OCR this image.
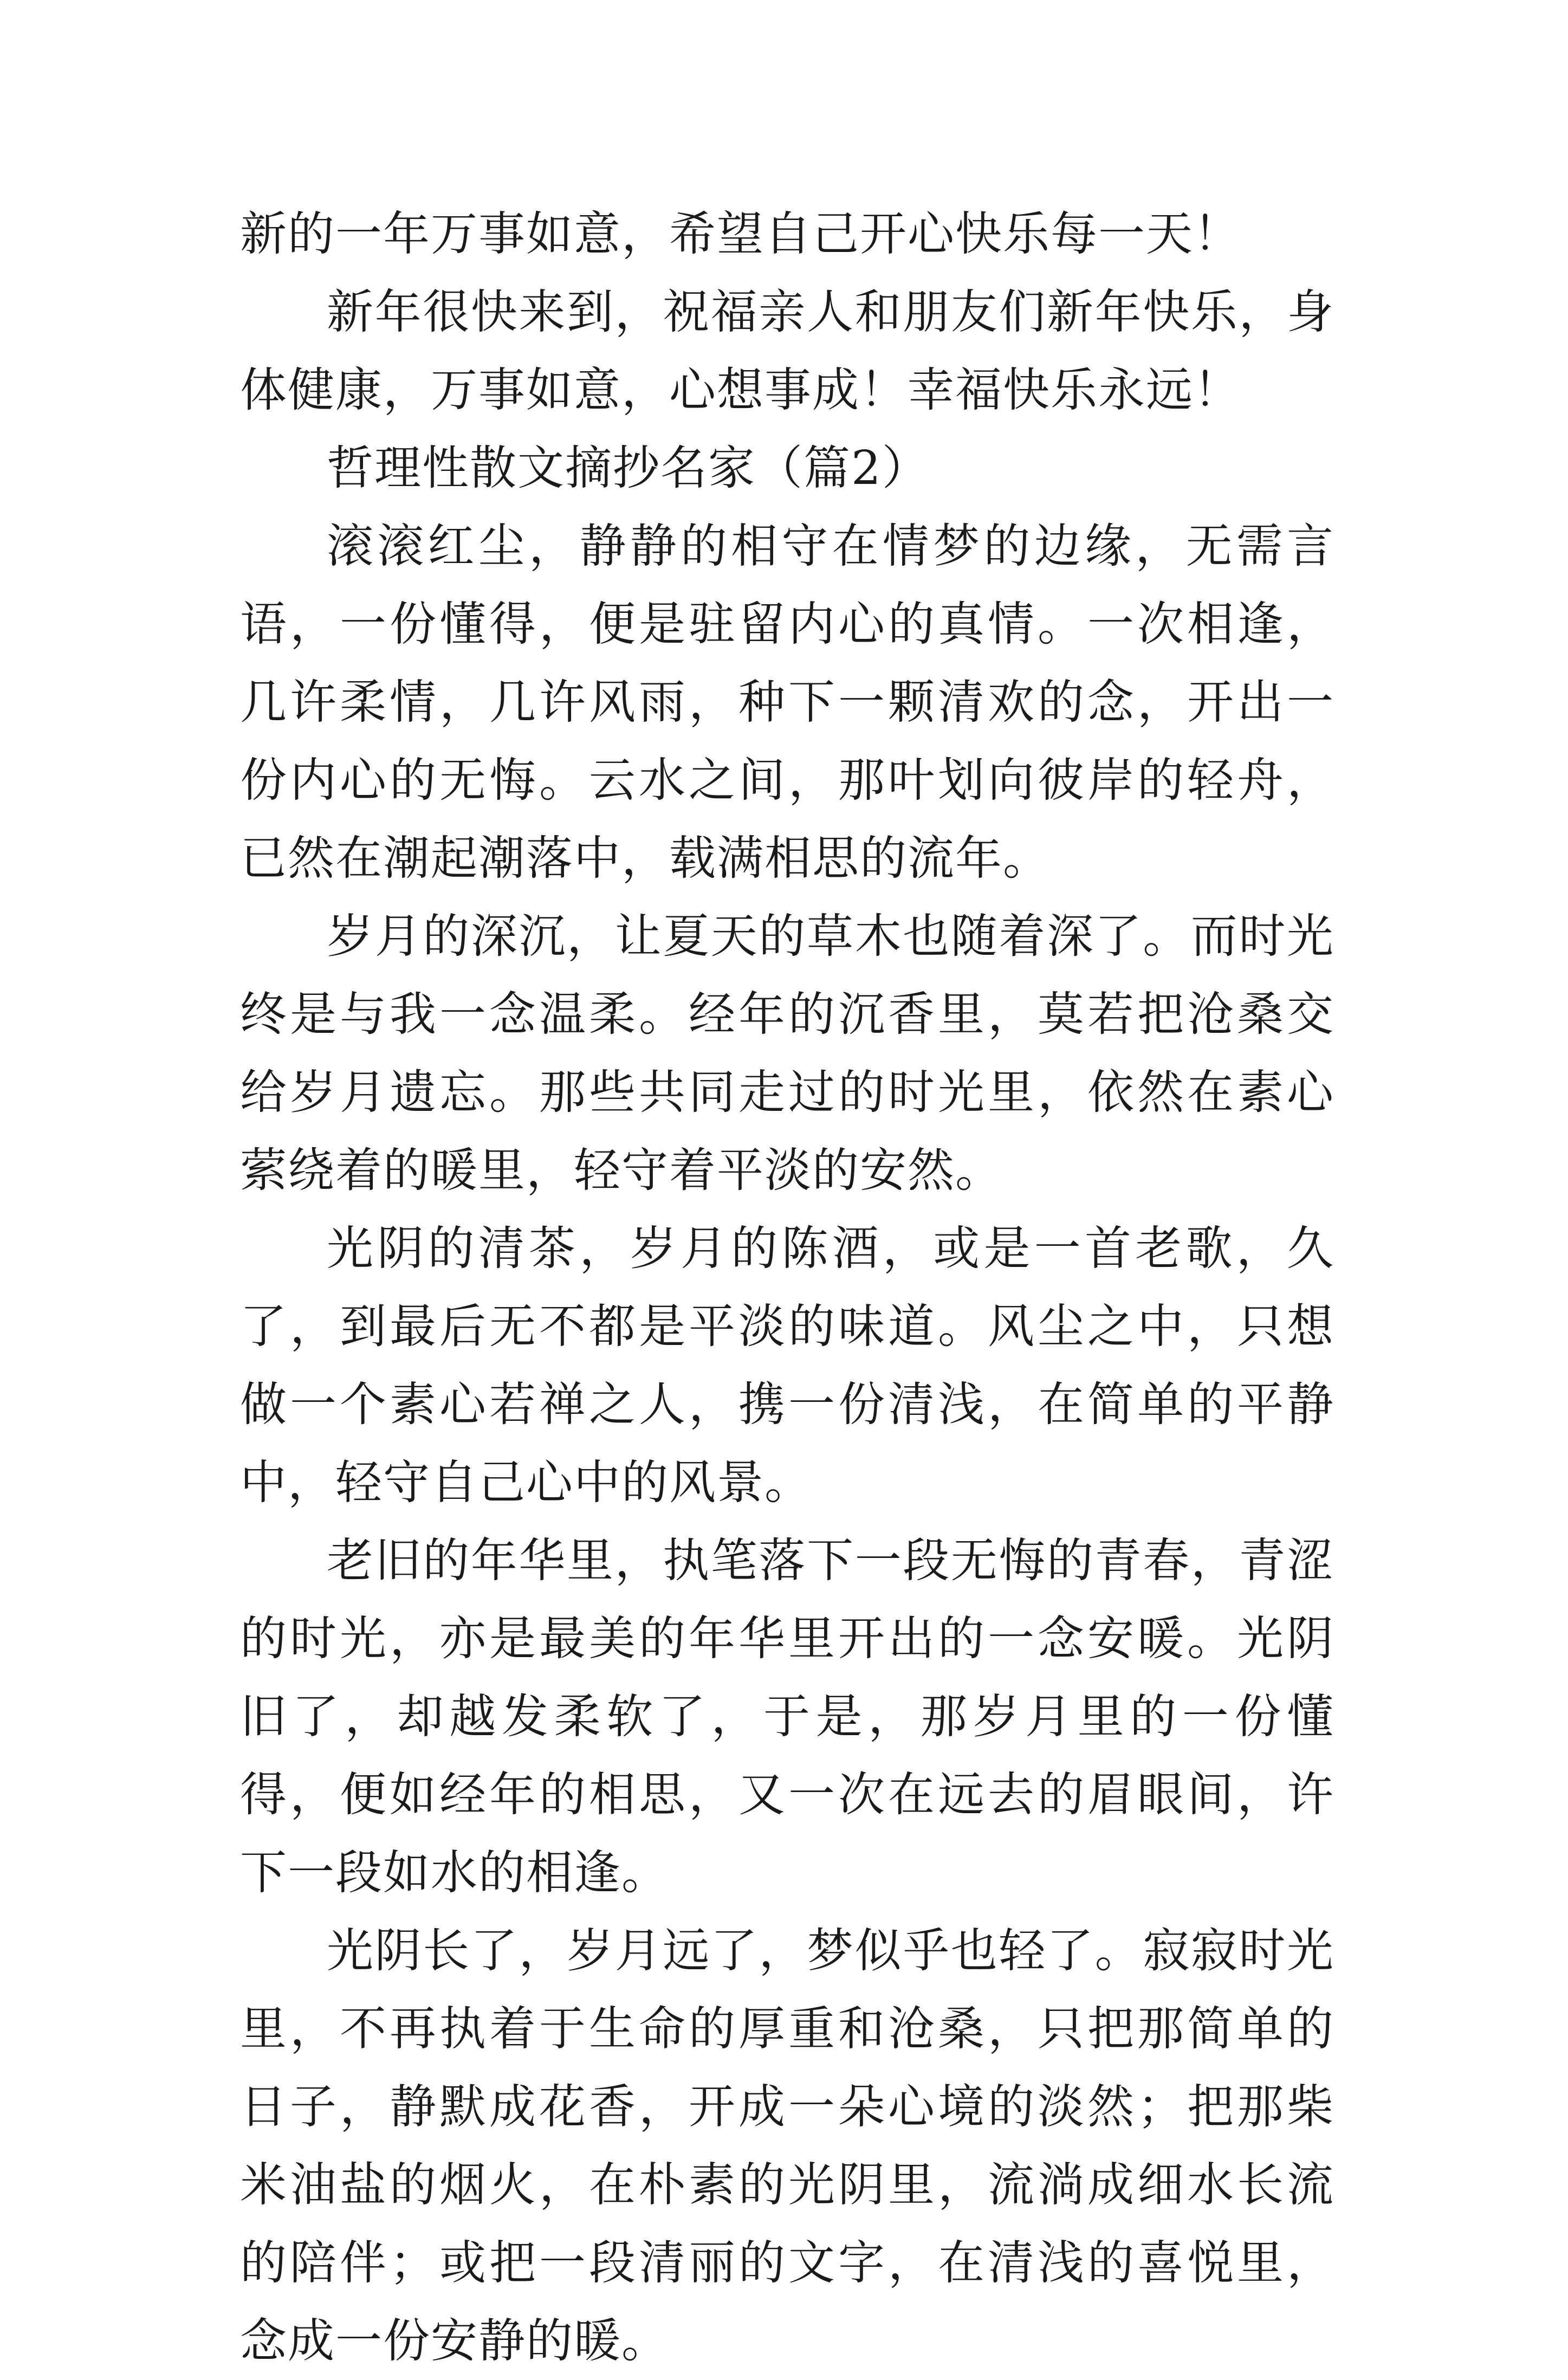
新的一年万事如意，希望自己开心快乐每一天！

新年很快来到，祝福亲人和朋友们新年快乐，身体健康，万事如意，心想事成！幸福快乐永远！

哲理性散文摘抄名家（篇2）

滚滚红尘，静静的相守在情梦的边缘，无需言语，一份懂得，便是驻留内心的真情。一次相逢，几许柔情，几许风雨，种下一颗清欢的念，开出一份内心的无悔。云水之间，那叶划向彼岸的轻舟，已然在潮起潮落中，载满相思的流年。

岁月的深沉，让夏天的草木也随着深了。而时光终是与我一念温柔。经年的沉香里，莫若把沧桑交给岁月遗忘。那些共同走过的时光里，依然在素心萦绕着的暖里，轻守着平淡的安然。

光阴的清茶，岁月的陈酒，或是一首老歌，久了，到最后无不都是平淡的味道。风尘之中，只想做一个素心若禅之人，携一份清浅，在简单的平静中，轻守自己心中的风景。

老旧的年华里，执笔落下一段无悔的青春，青涩的时光，亦是最美的年华里开出的一念安暖。光阴旧了，却越发柔软了，于是，那岁月里的一份懂得，便如经年的相思，又一次在远去的眉眼间，许下一段如水的相逢。

光阴长了，岁月远了，梦似乎也轻了。寂寂时光里，不再执着于生命的厚重和沧桑，只把那简单的日子，静默成花香，开成一朵心境的淡然；把那柴米油盐的烟火，在朴素的光阴里，流淌成细水长流的陪伴；或把一段清丽的文字，在清浅的喜悦里，念成一份安静的暖。
